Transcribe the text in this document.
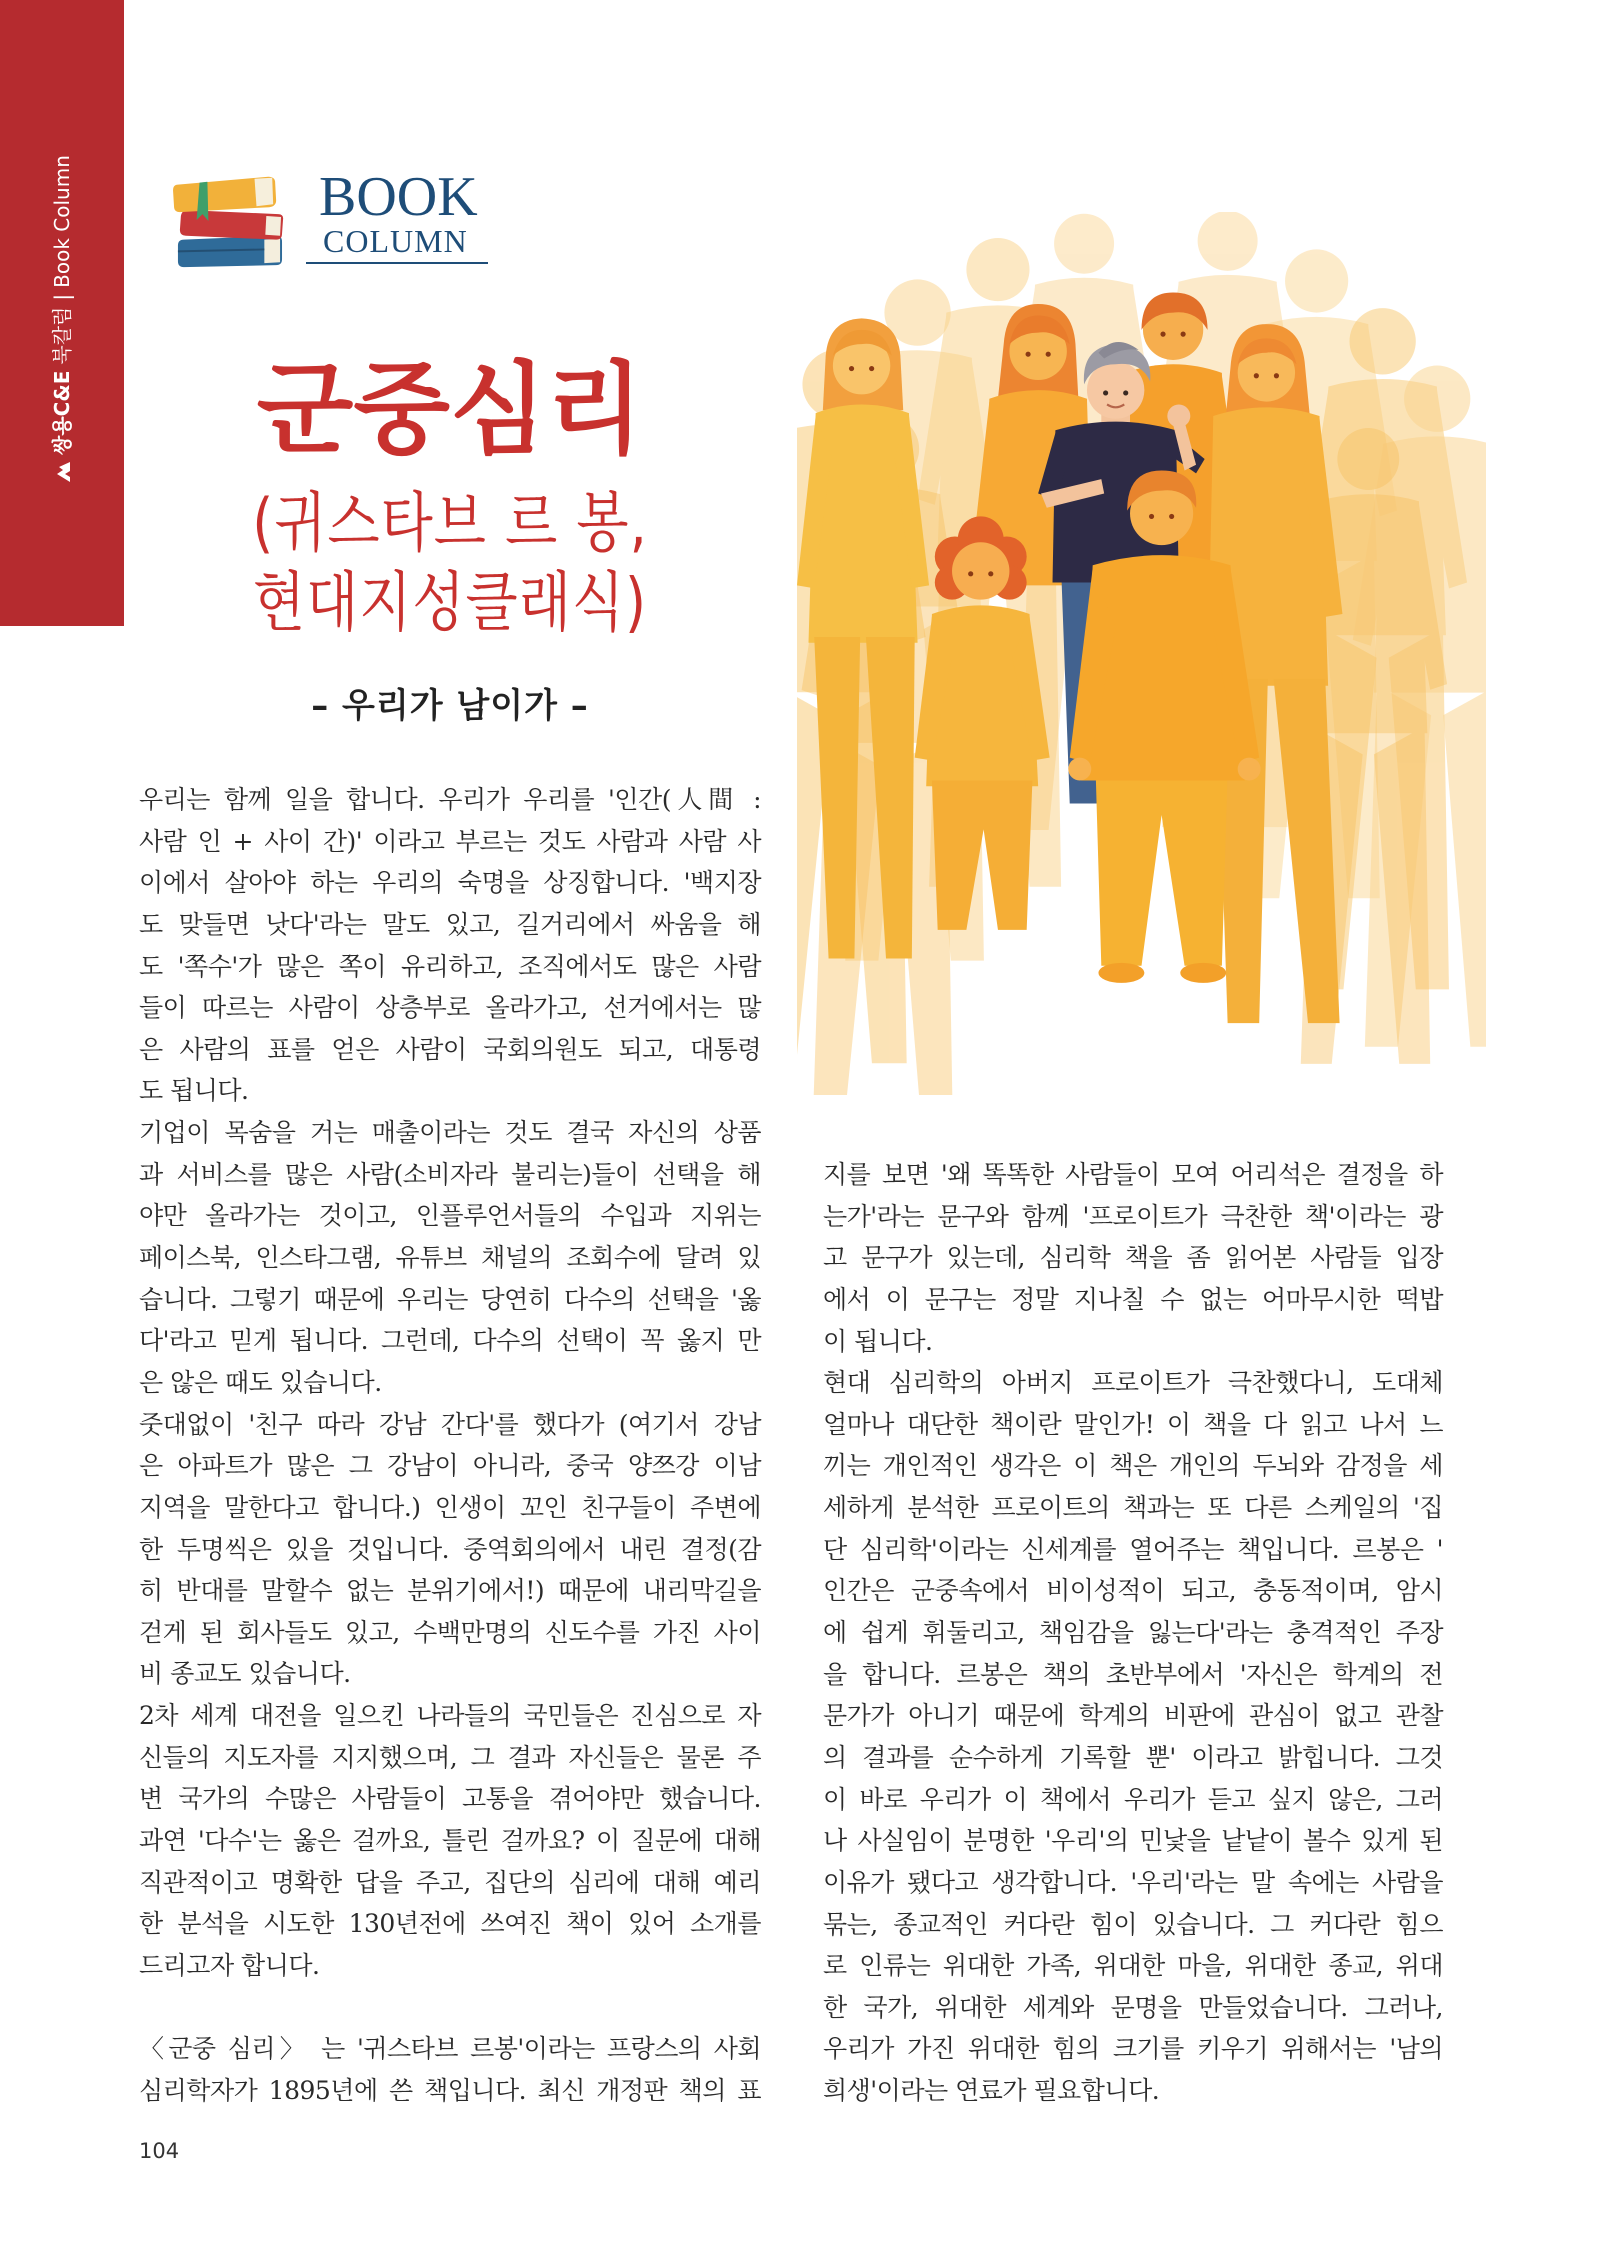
쌍용C&E
북칼럼
|
Book Column	BOOK
COLUMN
군중심리
(귀스타브 르 봉,
현대지성클래식)
– 우리가 남이가 –
우리는 함께 일을 합니다. 우리가 우리를 '인간(人間 :
사람 인 + 사이 간)' 이라고 부르는 것도 사람과 사람 사
이에서 살아야 하는 우리의 숙명을 상징합니다. '백지장
도 맞들면 낫다'라는 말도 있고, 길거리에서 싸움을 해
도 '쪽수'가 많은 쪽이 유리하고, 조직에서도 많은 사람
들이 따르는 사람이 상층부로 올라가고, 선거에서는 많
은 사람의 표를 얻은 사람이 국회의원도 되고, 대통령
도 됩니다.
기업이 목숨을 거는 매출이라는 것도 결국 자신의 상품
과 서비스를 많은 사람(소비자라 불리는)들이 선택을 해
야만 올라가는 것이고, 인플루언서들의 수입과 지위는
페이스북, 인스타그램, 유튜브 채널의 조회수에 달려 있
습니다. 그렇기 때문에 우리는 당연히 다수의 선택을 '옳
다'라고 믿게 됩니다. 그런데, 다수의 선택이 꼭 옳지 만
은 않은 때도 있습니다.
줏대없이 '친구 따라 강남 간다'를 했다가 (여기서 강남
은 아파트가 많은 그 강남이 아니라, 중국 양쯔강 이남
지역을 말한다고 합니다.) 인생이 꼬인 친구들이 주변에
한 두명씩은 있을 것입니다. 중역회의에서 내린 결정(감
히 반대를 말할수 없는 분위기에서!) 때문에 내리막길을
걷게 된 회사들도 있고, 수백만명의 신도수를 가진 사이
비 종교도 있습니다.
2차 세계 대전을 일으킨 나라들의 국민들은 진심으로 자
신들의 지도자를 지지했으며, 그 결과 자신들은 물론 주
변 국가의 수많은 사람들이 고통을 겪어야만 했습니다.
과연 '다수'는 옳은 걸까요, 틀린 걸까요? 이 질문에 대해
직관적이고 명확한 답을 주고, 집단의 심리에 대해 예리
한 분석을 시도한 130년전에 쓰여진 책이 있어 소개를
드리고자 합니다.
〈군중 심리〉 는 '귀스타브 르봉'이라는 프랑스의 사회
심리학자가 1895년에 쓴 책입니다. 최신 개정판 책의 표
지를 보면 '왜 똑똑한 사람들이 모여 어리석은 결정을 하
는가'라는 문구와 함께 '프로이트가 극찬한 책'이라는 광
고 문구가 있는데, 심리학 책을 좀 읽어본 사람들 입장
에서 이 문구는 정말 지나칠 수 없는 어마무시한 떡밥
이 됩니다.
현대 심리학의 아버지 프로이트가 극찬했다니, 도대체
얼마나 대단한 책이란 말인가! 이 책을 다 읽고 나서 느
끼는 개인적인 생각은 이 책은 개인의 두뇌와 감정을 세
세하게 분석한 프로이트의 책과는 또 다른 스케일의 '집
단 심리학'이라는 신세계를 열어주는 책입니다. 르봉은 '
인간은 군중속에서 비이성적이 되고, 충동적이며, 암시
에 쉽게 휘둘리고, 책임감을 잃는다'라는 충격적인 주장
을 합니다. 르봉은 책의 초반부에서 '자신은 학계의 전
문가가 아니기 때문에 학계의 비판에 관심이 없고 관찰
의 결과를 순수하게 기록할 뿐' 이라고 밝힙니다. 그것
이 바로 우리가 이 책에서 우리가 듣고 싶지 않은, 그러
나 사실임이 분명한 '우리'의 민낯을 낱낱이 볼수 있게 된
이유가 됐다고 생각합니다. '우리'라는 말 속에는 사람을
묶는, 종교적인 커다란 힘이 있습니다. 그 커다란 힘으
로 인류는 위대한 가족, 위대한 마을, 위대한 종교, 위대
한 국가, 위대한 세계와 문명을 만들었습니다. 그러나,
우리가 가진 위대한 힘의 크기를 키우기 위해서는 '남의
희생'이라는 연료가 필요합니다.
104
